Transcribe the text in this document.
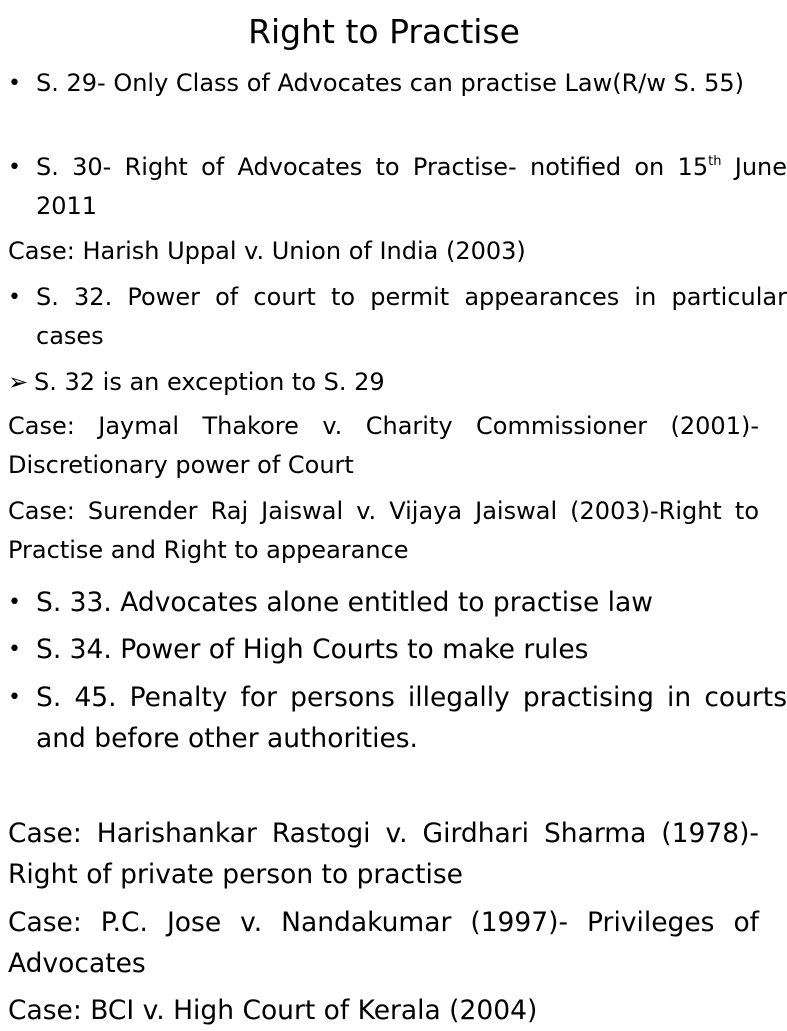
Right to Practise
• S. 29- Only Class of Advocates can practise Law(R/w S. 55)
• S. 30- Right of Advocates to Practise- notified on 15th June 2011
Case: Harish Uppal v. Union of India (2003)
• S. 32. Power of court to permit appearances in particular cases
➢ S. 32 is an exception to S. 29
Case: Jaymal Thakore v. Charity Commissioner (2001)-Discretionary power of Court
Case: Surender Raj Jaiswal v. Vijaya Jaiswal (2003)-Right to Practise and Right to appearance
• S. 33. Advocates alone entitled to practise law
• S. 34. Power of High Courts to make rules
• S. 45. Penalty for persons illegally practising in courts and before other authorities.
Case: Harishankar Rastogi v. Girdhari Sharma (1978)-Right of private person to practise
Case: P.C. Jose v. Nandakumar (1997)- Privileges of Advocates
Case: BCI v. High Court of Kerala (2004)
